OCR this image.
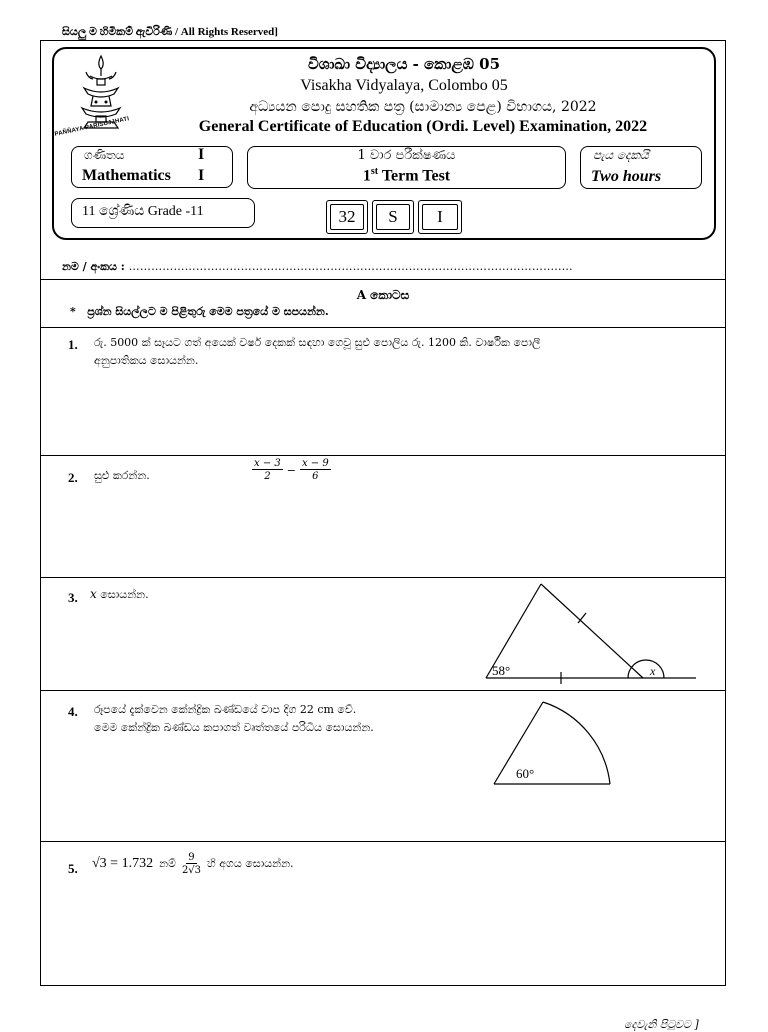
සියලු ම හිමිකම් ඇවිරිණි / All Rights Reserved]
PAÑÑAYA PARISUJJHATI
විශාඛා විද්‍යාලය - කොළඹ 05
Visakha Vidyalaya, Colombo 05
අධ්‍යයන පොදු සහතික පත්‍ර (සාමාන්‍ය පෙළ) විභාගය, 2022
General Certificate of Education (Ordi. Level) Examination, 2022
ගණිතය	I
Mathematics I
1 වාර පරීක්ෂණය
1st Term Test
පැය දෙකයි
Two hours
11 ශ්‍රේණිය Grade -11	32	S	I
නම / අංකය : ……………………………………………………………………………………………………..…
A කොටස
* ප්‍රශ්න සියල්ලට ම පිළිතුරු මෙම පත්‍රයේ ම සපයන්න.
1. රු. 5000 ක් සෑයට ගත් අයෙක් වර්ෂ දෙකක් සඳහා ගෙවූ සුළු පොලිය රු. 1200 කි. වාර්ෂික පොලී
අනුපාතිකය සොයන්න.
2. සුළු කරන්න.	$\frac{x - 3}{2} - \frac{x - 9}{6}$
3. x සොයන්න.
58°	x
4. රූපයේ දැක්වෙන කේන්ද්‍රික ඛණ්ඩයේ චාප දිග 22 cm වේ.
මෙම කේන්ද්‍රික ඛණ්ඩය කපාගත් වෘත්තයේ පරිධිය සොයන්න.
60°
5. √3 = 1.732 නම් $\frac{9}{2√3}$ හි අගය සොයන්න.
දෙවැනි පිටුවට ]
